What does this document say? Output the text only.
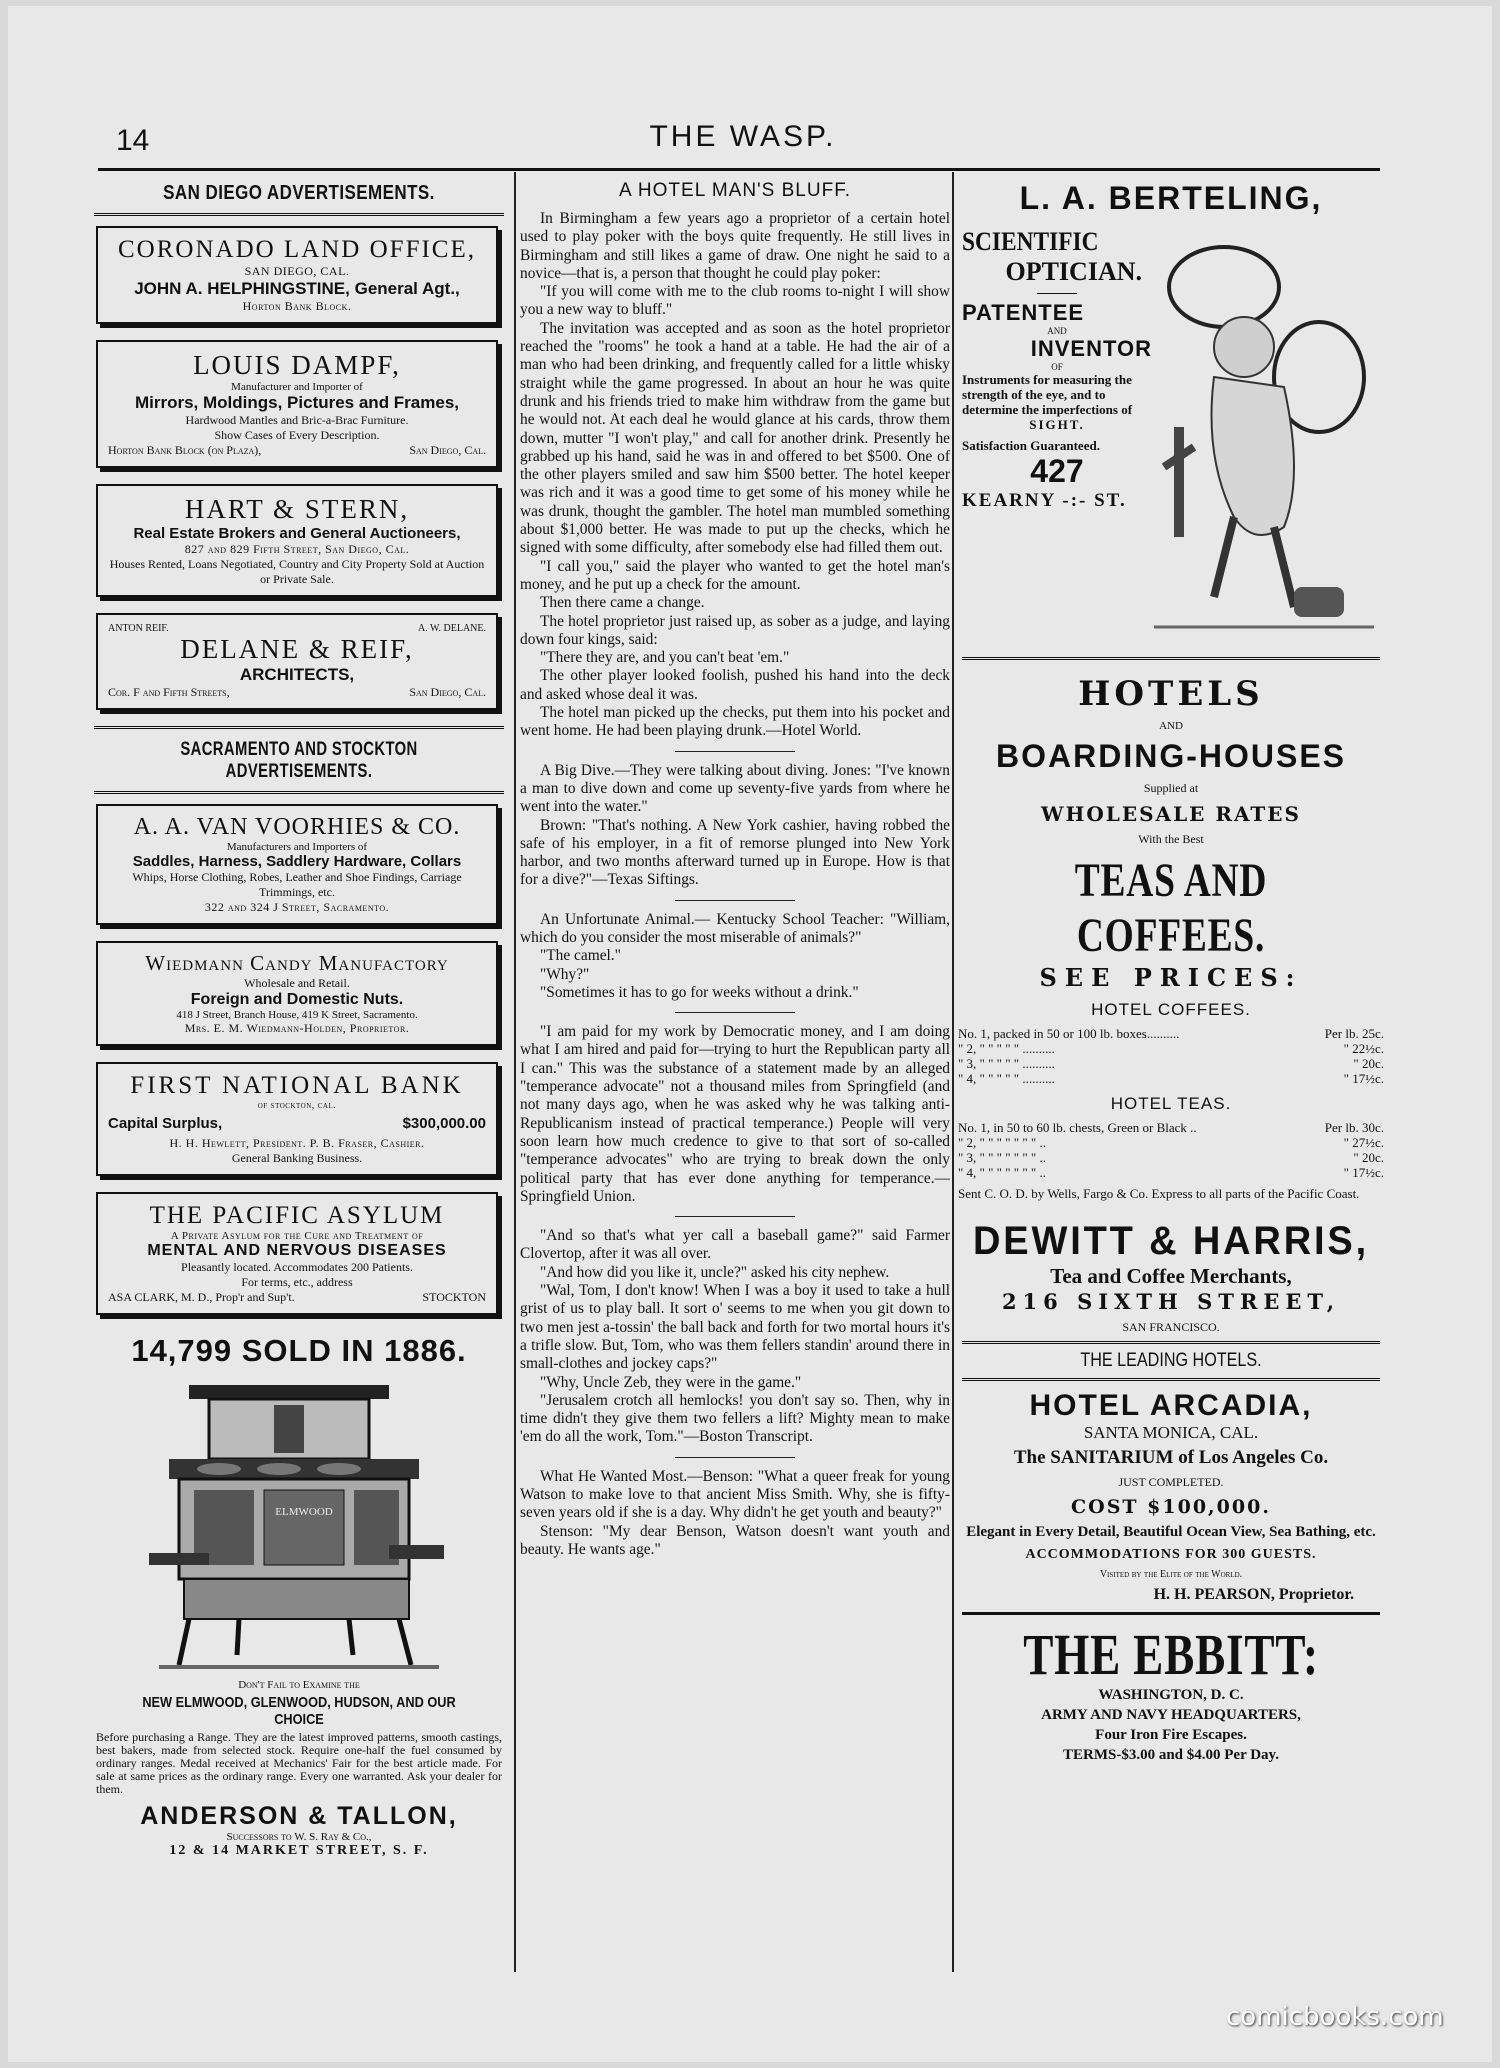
14	THE WASP.
SAN DIEGO ADVERTISEMENTS.
CORONADO LAND OFFICE,
SAN DIEGO, CAL.
JOHN A. HELPHINGSTINE, General Agt.,
Horton Bank Block.
LOUIS DAMPF,
Manufacturer and Importer of
Mirrors, Moldings, Pictures and Frames,
Hardwood Mantles and Bric-a-Brac Furniture.
Show Cases of Every Description.
Horton Bank Block (on Plaza),	San Diego, Cal.
HART & STERN,
Real Estate Brokers and General Auctioneers,
827 and 829 Fifth Street, San Diego, Cal.
Houses Rented, Loans Negotiated, Country and City Property Sold at Auction or Private Sale.
ANTON REIF.	A. W. DELANE.
DELANE & REIF,
ARCHITECTS,
Cor. F and Fifth Streets,	San Diego, Cal.
SACRAMENTO AND STOCKTON ADVERTISEMENTS.
A. A. VAN VOORHIES & CO.
Manufacturers and Importers of
Saddles, Harness, Saddlery Hardware, Collars
Whips, Horse Clothing, Robes, Leather and Shoe Findings, Carriage Trimmings, etc.
322 and 324 J Street, Sacramento.
Wiedmann Candy Manufactory
Wholesale and Retail.
Foreign and Domestic Nuts.
418 J Street, Branch House, 419 K Street, Sacramento.
Mrs. E. M. Wiedmann-Holden, Proprietor.
FIRST NATIONAL BANK
of stockton, cal.
Capital Surplus,	$300,000.00
H. H. Hewlett, President. P. B. Fraser, Cashier.
General Banking Business.
THE PACIFIC ASYLUM
A Private Asylum for the Cure and Treatment of
MENTAL AND NERVOUS DISEASES
Pleasantly located. Accommodates 200 Patients.
For terms, etc., address
ASA CLARK, M. D., Prop'r and Sup't.	STOCKTON
14,799 SOLD IN 1886.
ELMWOOD
Don't Fail to Examine the
NEW ELMWOOD, GLENWOOD, HUDSON, AND OUR CHOICE
Before purchasing a Range. They are the latest improved patterns, smooth castings, best bakers, made from selected stock. Require one-half the fuel consumed by ordinary ranges. Medal received at Mechanics' Fair for the best article made. For sale at same prices as the ordinary range. Every one warranted. Ask your dealer for them.
ANDERSON & TALLON,
Successors to W. S. Ray & Co.,
12 & 14 MARKET STREET, S. F.
A HOTEL MAN'S BLUFF.

In Birmingham a few years ago a proprietor of a certain hotel used to play poker with the boys quite frequently. He still lives in Birmingham and still likes a game of draw. One night he said to a novice—that is, a person that thought he could play poker:

"If you will come with me to the club rooms to-night I will show you a new way to bluff."

The invitation was accepted and as soon as the hotel proprietor reached the "rooms" he took a hand at a table. He had the air of a man who had been drinking, and frequently called for a little whisky straight while the game progressed. In about an hour he was quite drunk and his friends tried to make him withdraw from the game but he would not. At each deal he would glance at his cards, throw them down, mutter "I won't play," and call for another drink. Presently he grabbed up his hand, said he was in and offered to bet $500. One of the other players smiled and saw him $500 better. The hotel keeper was rich and it was a good time to get some of his money while he was drunk, thought the gambler. The hotel man mumbled something about $1,000 better. He was made to put up the checks, which he signed with some difficulty, after somebody else had filled them out.

"I call you," said the player who wanted to get the hotel man's money, and he put up a check for the amount.

Then there came a change.

The hotel proprietor just raised up, as sober as a judge, and laying down four kings, said:

"There they are, and you can't beat 'em."

The other player looked foolish, pushed his hand into the deck and asked whose deal it was.

The hotel man picked up the checks, put them into his pocket and went home. He had been playing drunk.—Hotel World.

A Big Dive.—They were talking about diving. Jones: "I've known a man to dive down and come up seventy-five yards from where he went into the water."

Brown: "That's nothing. A New York cashier, having robbed the safe of his employer, in a fit of remorse plunged into New York harbor, and two months afterward turned up in Europe. How is that for a dive?"—Texas Siftings.

An Unfortunate Animal.— Kentucky School Teacher: "William, which do you consider the most miserable of animals?"

"The camel."

"Why?"

"Sometimes it has to go for weeks without a drink."

"I am paid for my work by Democratic money, and I am doing what I am hired and paid for—trying to hurt the Republican party all I can." This was the substance of a statement made by an alleged "temperance advocate" not a thousand miles from Springfield (and not many days ago, when he was asked why he was talking anti-Republicanism instead of practical temperance.) People will very soon learn how much credence to give to that sort of so-called "temperance advocates" who are trying to break down the only political party that has ever done anything for temperance.—Springfield Union.

"And so that's what yer call a baseball game?" said Farmer Clovertop, after it was all over.

"And how did you like it, uncle?" asked his city nephew.

"Wal, Tom, I don't know! When I was a boy it used to take a hull grist of us to play ball. It sort o' seems to me when you git down to two men jest a-tossin' the ball back and forth for two mortal hours it's a trifle slow. But, Tom, who was them fellers standin' around there in small-clothes and jockey caps?"

"Why, Uncle Zeb, they were in the game."

"Jerusalem crotch all hemlocks! you don't say so. Then, why in time didn't they give them two fellers a lift? Mighty mean to make 'em do all the work, Tom."—Boston Transcript.

What He Wanted Most.—Benson: "What a queer freak for young Watson to make love to that ancient Miss Smith. Why, she is fifty-seven years old if she is a day. Why didn't he get youth and beauty?"

Stenson: "My dear Benson, Watson doesn't want youth and beauty. He wants age."

L. A. BERTELING,
SCIENTIFIC
OPTICIAN.
PATENTEE
AND
INVENTOR
OF
Instruments for measuring the strength of the eye, and to determine the imperfections of
SIGHT.
Satisfaction Guaranteed.
427
KEARNY -:- ST.
HOTELS
AND
BOARDING-HOUSES
Supplied at
WHOLESALE RATES
With the Best
TEAS AND COFFEES.
SEE PRICES:
HOTEL COFFEES.
No. 1, packed in 50 or 100 lb. boxes..........	Per lb. 25c.
" 2, " " " " " ..........	" 22½c.
" 3, " " " " " ..........	" 20c.
" 4, " " " " " ..........	" 17½c.
HOTEL TEAS.
No. 1, in 50 to 60 lb. chests, Green or Black ..	Per lb. 30c.
" 2, " " " " " " " ..	" 27½c.
" 3, " " " " " " " ..	" 20c.
" 4, " " " " " " " ..	" 17½c.
Sent C. O. D. by Wells, Fargo & Co. Express to all parts of the Pacific Coast.
DEWITT & HARRIS,
Tea and Coffee Merchants,
216 SIXTH STREET,
SAN FRANCISCO.
THE LEADING HOTELS.
HOTEL ARCADIA,
SANTA MONICA, CAL.
The SANITARIUM of Los Angeles Co.
JUST COMPLETED.
COST $100,000.
Elegant in Every Detail, Beautiful Ocean View, Sea Bathing, etc.
ACCOMMODATIONS FOR 300 GUESTS.
Visited by the Elite of the World.
H. H. PEARSON, Proprietor.
THE EBBITT:
WASHINGTON, D. C.
ARMY AND NAVY HEADQUARTERS,
Four Iron Fire Escapes.
TERMS-$3.00 and $4.00 Per Day.
comicbooks.com
